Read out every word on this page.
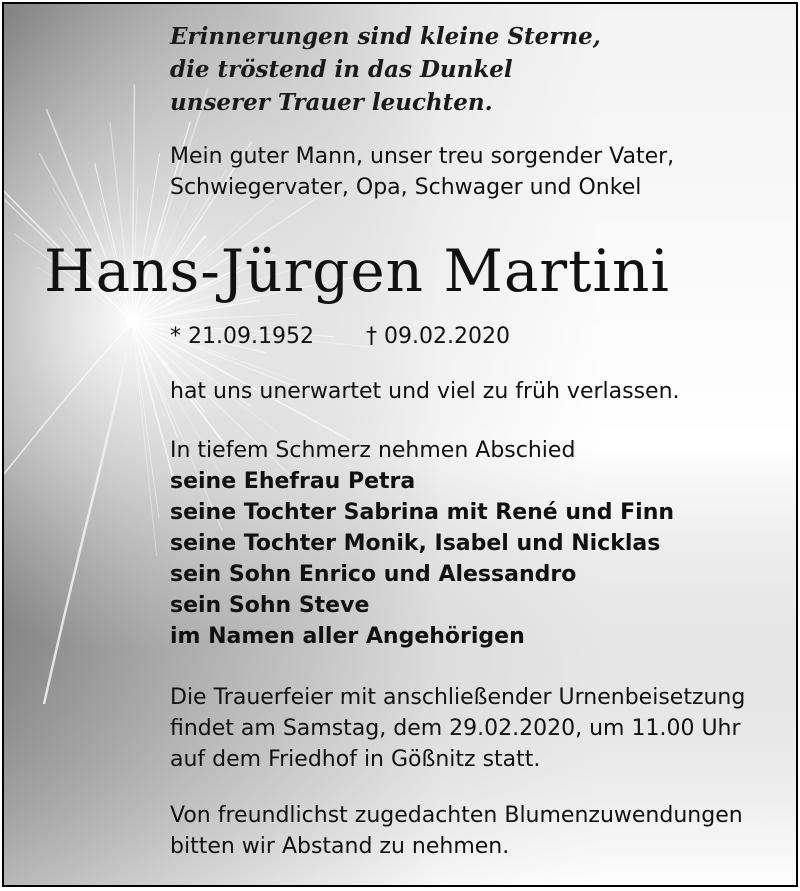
Erinnerungen sind kleine Sterne,
die tröstend in das Dunkel
unserer Trauer leuchten.
Mein guter Mann, unser treu sorgender Vater,
Schwiegervater, Opa, Schwager und Onkel
Hans-Jürgen Martini
* 21.09.1952 † 09.02.2020
hat uns unerwartet und viel zu früh verlassen.
In tiefem Schmerz nehmen Abschied
seine Ehefrau Petra
seine Tochter Sabrina mit René und Finn
seine Tochter Monik, Isabel und Nicklas
sein Sohn Enrico und Alessandro
sein Sohn Steve
im Namen aller Angehörigen
Die Trauerfeier mit anschließender Urnenbeisetzung
findet am Samstag, dem 29.02.2020, um 11.00 Uhr
auf dem Friedhof in Gößnitz statt.
Von freundlichst zugedachten Blumenzuwendungen
bitten wir Abstand zu nehmen.
